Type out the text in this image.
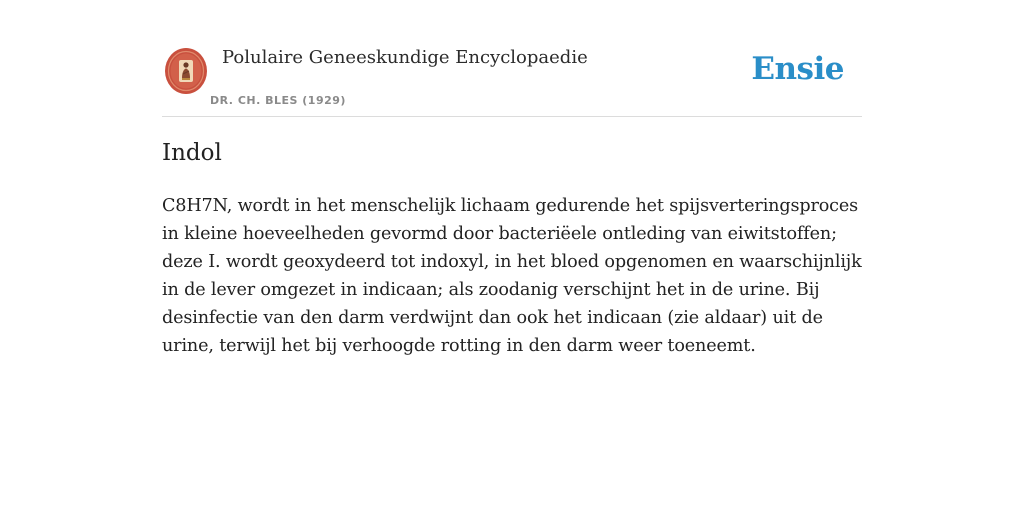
Polulaire Geneeskundige Encyclopaedie
DR. CH. BLES (1929)
Ensie
Indol

C8H7N, wordt in het menschelijk lichaam gedurende het spijsverteringsproces in kleine hoeveelheden gevormd door bacteriëele ontleding van eiwitstoffen; deze I. wordt geoxydeerd tot indoxyl, in het bloed opgenomen en waarschijnlijk in de lever omgezet in indicaan; als zoodanig verschijnt het in de urine. Bij desinfectie van den darm verdwijnt dan ook het indicaan (zie aldaar) uit de urine, terwijl het bij verhoogde rotting in den darm weer toeneemt.
